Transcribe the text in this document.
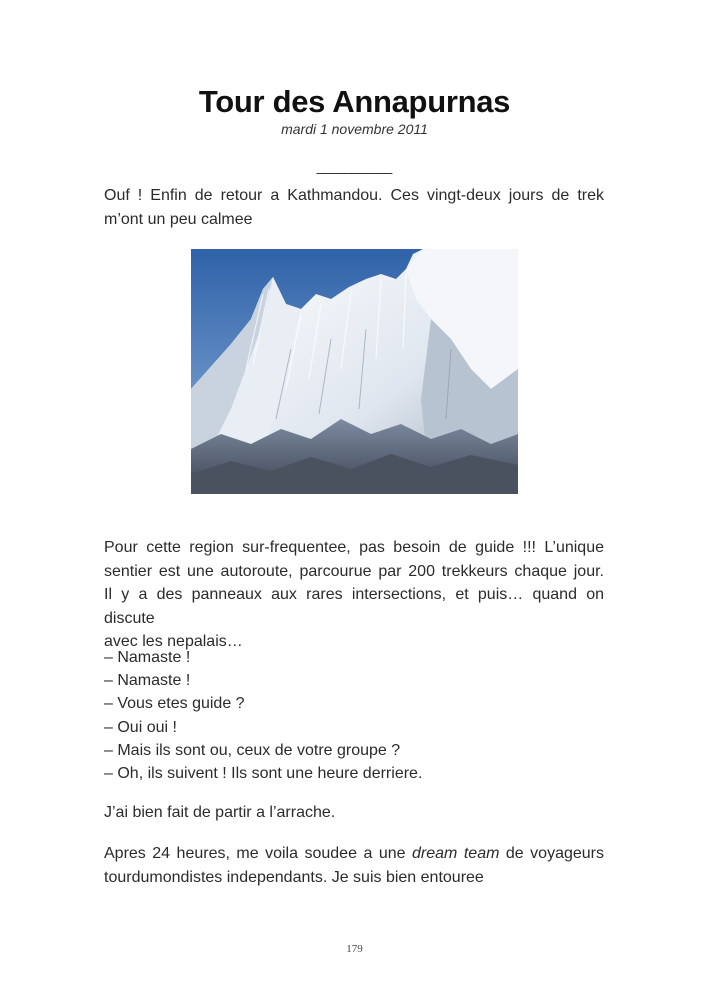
Tour des Annapurnas
mardi 1 novembre 2011
___________
Ouf ! Enfin de retour a Kathmandou. Ces vingt-deux jours de trek
m’ont un peu calmee
Pour cette region sur-frequentee, pas besoin de guide !!! L’unique
sentier est une autoroute, parcourue par 200 trekkeurs chaque jour.
Il y a des panneaux aux rares intersections, et puis… quand on discute
avec les nepalais…
– Namaste !
– Namaste !
– Vous etes guide ?
– Oui oui !
– Mais ils sont ou, ceux de votre groupe ?
– Oh, ils suivent ! Ils sont une heure derriere.
J’ai bien fait de partir a l’arrache.
Apres 24 heures, me voila soudee a une dream team de voyageurs
tourdumondistes independants. Je suis bien entouree
179
